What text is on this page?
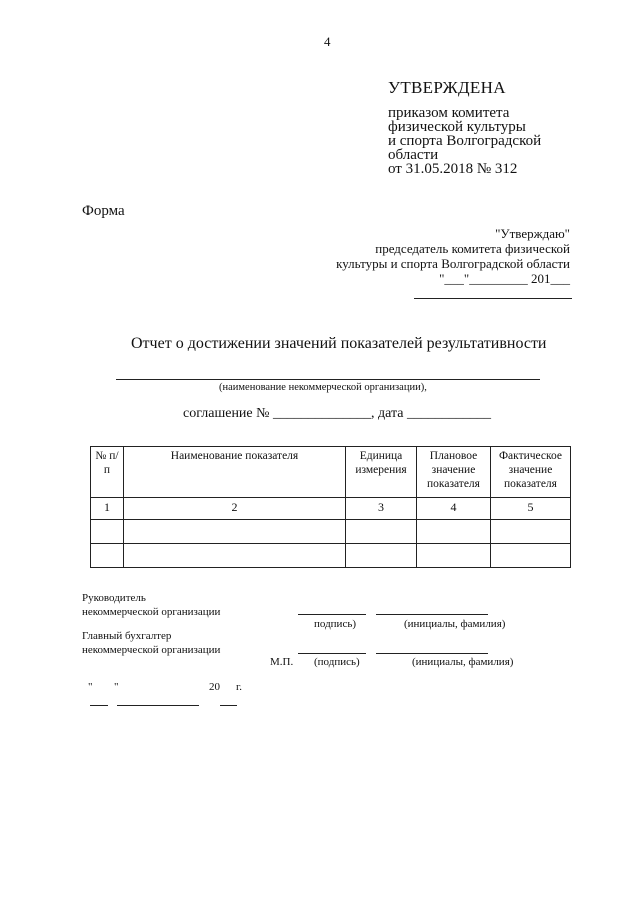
4
УТВЕРЖДЕНА
приказом комитета
физической культуры
и спорта Волгоградской
области
от 31.05.2018 № 312
Форма
"Утверждаю"
председатель комитета физической
культуры и спорта Волгоградской области
"___"_________ 201___
Отчет о достижении значений показателей результативности
(наименование некоммерческой организации),
соглашение № ______________, дата ____________
№ п/п	Наименование показателя	Единица измерения	Плановое значение показателя	Фактическое значение показателя
1	2	3	4	5

Руководитель
некоммерческой организации
подпись)	(инициалы, фамилия)
Главный бухгалтер
некоммерческой организации
М.П. (подпись)	(инициалы, фамилия)
" "	20 г.
